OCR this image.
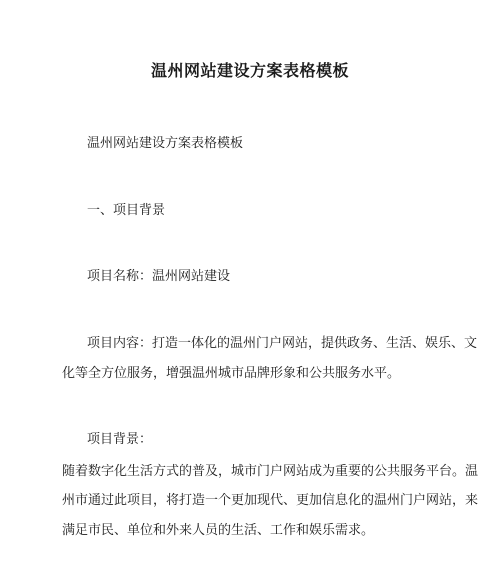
温州网站建设方案表格模板
温州网站建设方案表格模板
一、项目背景
项目名称：温州网站建设
项目内容：打造一体化的温州门户网站，提供政务、生活、娱乐、文
化等全方位服务，增强温州城市品牌形象和公共服务水平。
项目背景：
随着数字化生活方式的普及，城市门户网站成为重要的公共服务平台。温
州市通过此项目，将打造一个更加现代、更加信息化的温州门户网站，来
满足市民、单位和外来人员的生活、工作和娱乐需求。
